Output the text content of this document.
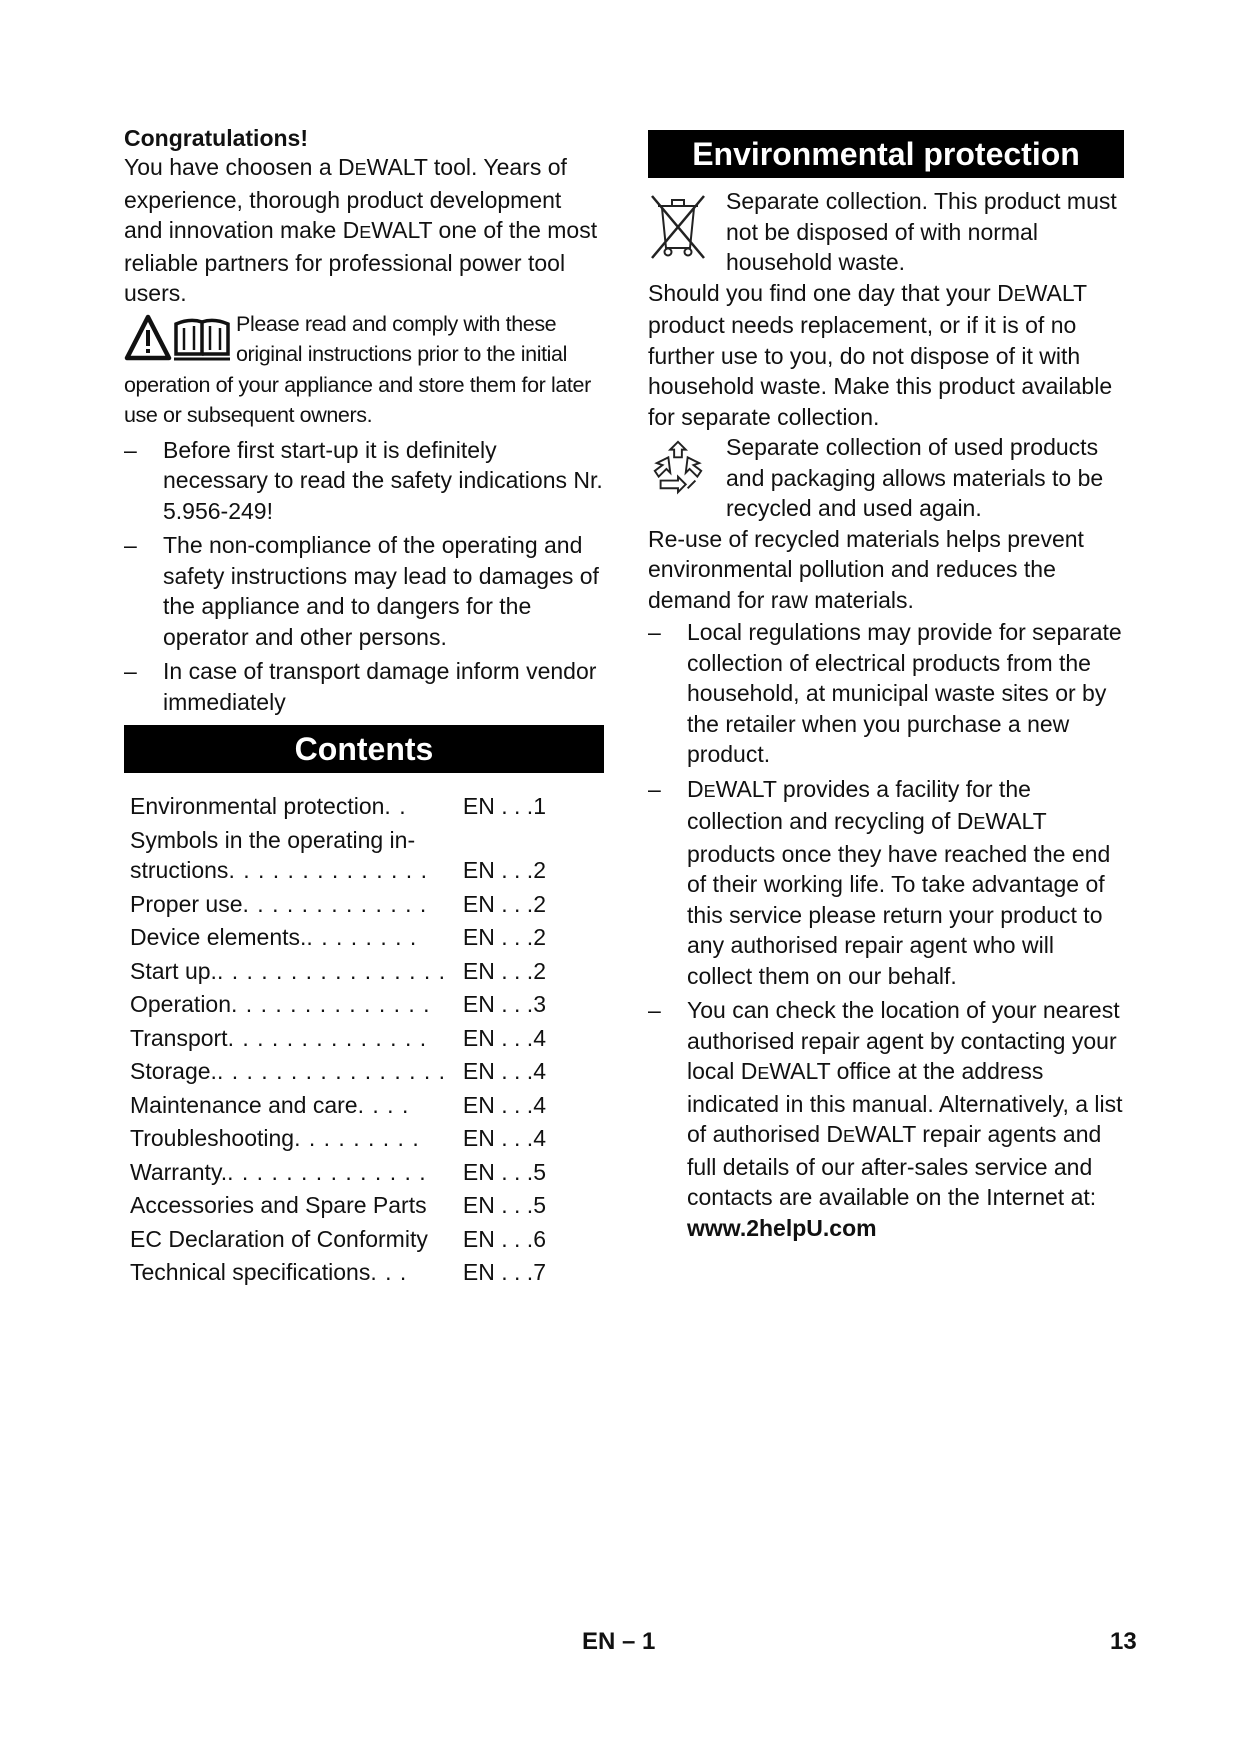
Congratulations!

You have choosen a DEWALT tool. Years of experience, thorough product development and innovation make DEWALT one of the most reliable partners for professional power tool users.

Please read and comply with these original instructions prior to the initial operation of your appliance and store them for later use or subsequent owners.
– Before first start-up it is definitely necessary to read the safety indications Nr. 5.956-249!
– The non-compliance of the operating and safety instructions may lead to damages of the appliance and to dangers for the operator and other persons.
– In case of transport damage inform vendor immediately
Contents
Environmental protection . . EN . . .1
Symbols in the operating in-
structions . . . . . . . . . . . . . . EN . . .2
Proper use . . . . . . . . . . . . . EN . . .2
Device elements. . . . . . . . . EN . . .2
Start up. . . . . . . . . . . . . . . . . EN . . .2
Operation . . . . . . . . . . . . . . EN . . .3
Transport . . . . . . . . . . . . . . EN . . .4
Storage. . . . . . . . . . . . . . . . . EN . . .4
Maintenance and care . . . . EN . . .4
Troubleshooting . . . . . . . . . EN . . .4
Warranty. . . . . . . . . . . . . . . EN . . .5
Accessories and Spare Parts EN . . .5
EC Declaration of Conformity EN . . .6
Technical specifications . . . EN . . .7
Environmental protection

Separate collection. This product must not be disposed of with normal household waste.

Should you find one day that your DEWALT product needs replacement, or if it is of no further use to you, do not dispose of it with household waste. Make this product available for separate collection.

Separate collection of used products and packaging allows materials to be recycled and used again.

Re-use of recycled materials helps prevent environmental pollution and reduces the demand for raw materials.

– Local regulations may provide for separate collection of electrical products from the household, at municipal waste sites or by the retailer when you purchase a new product.
– DEWALT provides a facility for the collection and recycling of DEWALT products once they have reached the end of their working life. To take advantage of this service please return your product to any authorised repair agent who will collect them on our behalf.
– You can check the location of your nearest authorised repair agent by contacting your local DEWALT office at the address indicated in this manual. Alternatively, a list of authorised DEWALT repair agents and full details of our after-sales service and contacts are available on the Internet at:
www.2helpU.com
EN – 1	13
